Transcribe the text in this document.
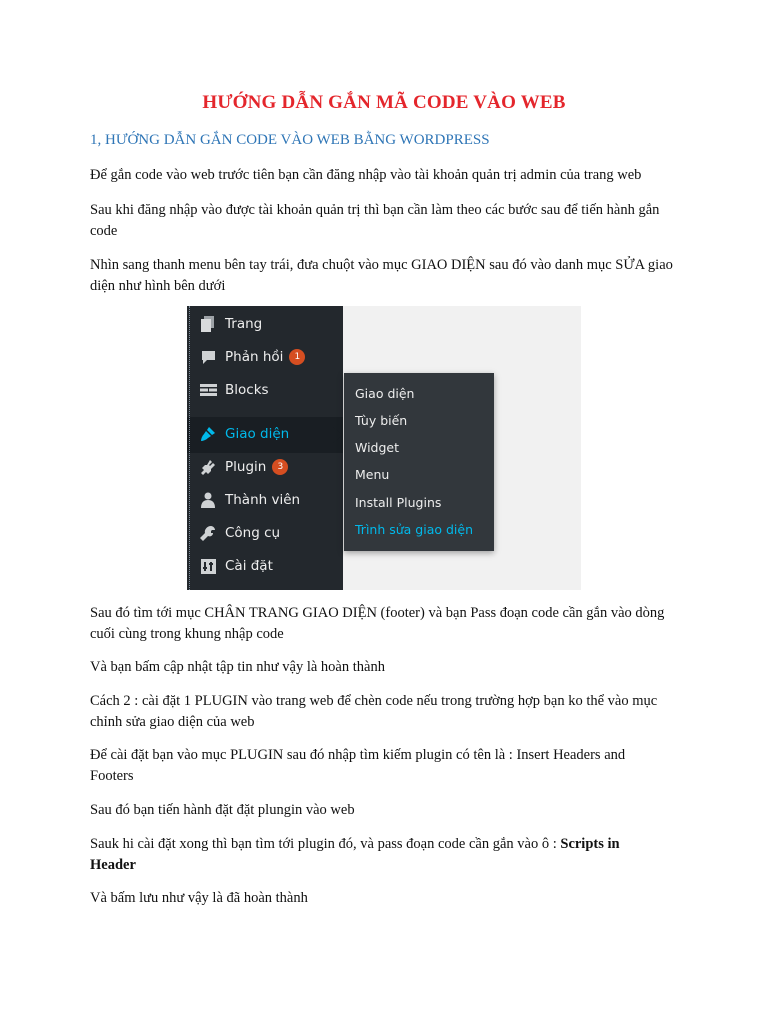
HƯỚNG DẪN GẮN MÃ CODE VÀO WEB
1, HƯỚNG DẪN GẮN CODE VÀO WEB BẰNG WORDPRESS
Để gắn code vào web trước tiên bạn cần đăng nhập vào tài khoản quản trị admin của trang web
Sau khi đăng nhập vào được tài khoản quản trị thì bạn cần làm theo các bước sau để tiến hành gắn code
Nhìn sang thanh menu bên tay trái, đưa chuột vào mục GIAO DIỆN sau đó vào danh mục SỬA giao diện như hình bên dưới
Trang
Phản hồi	1
Blocks
Giao diện
Plugin	3
Thành viên
Công cụ
Cài đặt
Giao diện
Tùy biến
Widget
Menu
Install Plugins
Trình sửa giao diện
Sau đó tìm tới mục CHÂN TRANG GIAO DIỆN (footer) và bạn Pass đoạn code cần gắn vào dòng cuối cùng trong khung nhập code
Và bạn bấm cập nhật tập tin như vậy là hoàn thành
Cách 2 : cài đặt 1 PLUGIN vào trang web để chèn code nếu trong trường hợp bạn ko thể vào mục chỉnh sửa giao diện của web
Để cài đặt bạn vào mục PLUGIN sau đó nhập tìm kiếm plugin có tên là : Insert Headers and Footers
Sau đó bạn tiến hành đặt đặt plungin vào web
Sauk hi cài đặt xong thì bạn tìm tới plugin đó, và pass đoạn code cần gắn vào ô : Scripts in Header
Và bấm lưu như vậy là đã hoàn thành
